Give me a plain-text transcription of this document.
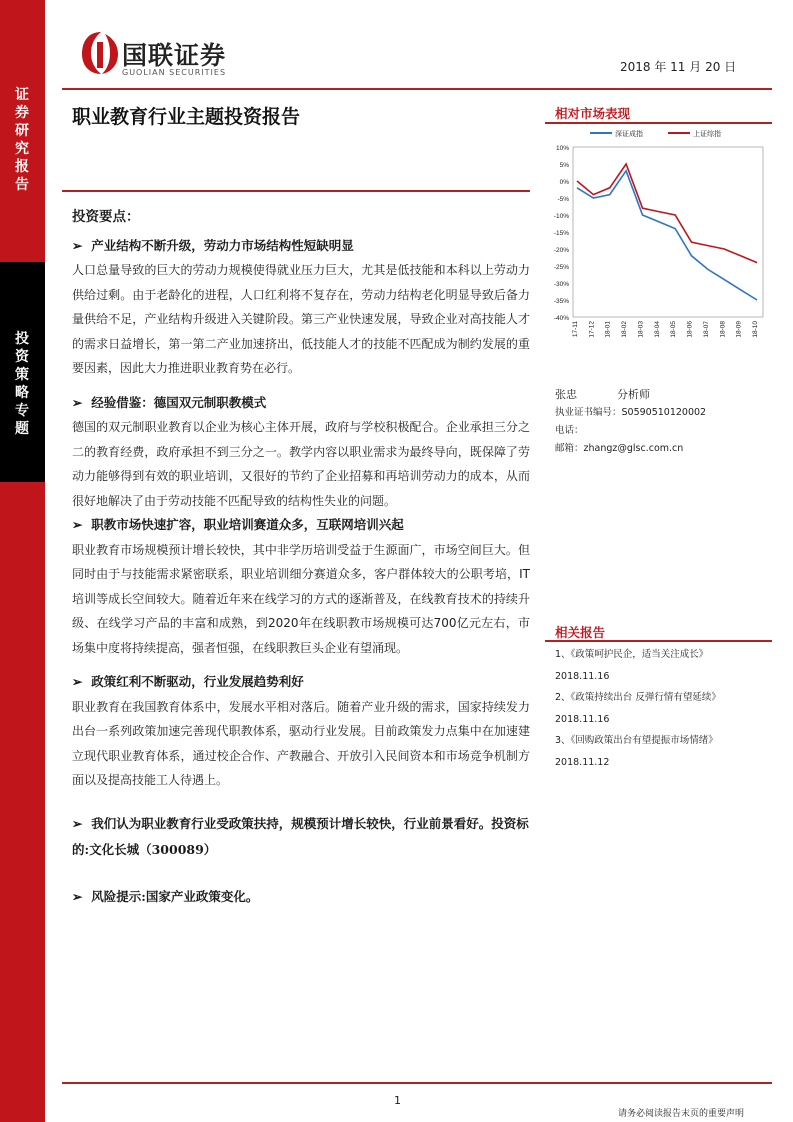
证券研究报告
投资策略专题
国联证券
GUOLIAN SECURITIES	2018 年 11 月 20 日
职业教育行业主题投资报告
投资要点：
➢ 产业结构不断升级，劳动力市场结构性短缺明显
人口总量导致的巨大的劳动力规模使得就业压力巨大，尤其是低技能和本科以上劳动力供给过剩。由于老龄化的进程，人口红利将不复存在，劳动力结构老化明显导致后备力量供给不足，产业结构升级进入关键阶段。第三产业快速发展，导致企业对高技能人才的需求日益增长，第一第二产业加速挤出，低技能人才的技能不匹配成为制约发展的重要因素，因此大力推进职业教育势在必行。
➢ 经验借鉴：德国双元制职教模式
德国的双元制职业教育以企业为核心主体开展，政府与学校积极配合。企业承担三分之二的教育经费，政府承担不到三分之一。教学内容以职业需求为最终导向，既保障了劳动力能够得到有效的职业培训，又很好的节约了企业招募和再培训劳动力的成本，从而很好地解决了由于劳动技能不匹配导致的结构性失业的问题。
➢ 职教市场快速扩容，职业培训赛道众多，互联网培训兴起
职业教育市场规模预计增长较快，其中非学历培训受益于生源面广，市场空间巨大。但同时由于与技能需求紧密联系，职业培训细分赛道众多，客户群体较大的公职考培，IT培训等成长空间较大。随着近年来在线学习的方式的逐渐普及，在线教育技术的持续升级、在线学习产品的丰富和成熟，到2020年在线职教市场规模可达700亿元左右，市场集中度将持续提高，强者恒强，在线职教巨头企业有望涌现。
➢ 政策红利不断驱动，行业发展趋势利好
职业教育在我国教育体系中，发展水平相对落后。随着产业升级的需求，国家持续发力出台一系列政策加速完善现代职教体系，驱动行业发展。目前政策发力点集中在加速建立现代职业教育体系，通过校企合作、产教融合、开放引入民间资本和市场竞争机制方面以及提高技能工人待遇上。
➢ 我们认为职业教育行业受政策扶持，规模预计增长较快，行业前景看好。投资标的:文化长城（300089）
➢ 风险提示:国家产业政策变化。
相对市场表现
深证成指	上证综指
10%
5%
0%
-5%
-10%
-15%
-20%
-25%
-30%
-35%
-40%
17-11 17-12 18-01 18-02 18-03 18-04 18-05 18-06 18-07 18-08 18-09 18-10
张忠	分析师
执业证书编号：S0590510120002
电话：
邮箱：zhangz@glsc.com.cn
相关报告
1、《政策呵护民企，适当关注成长》
2018.11.16
2、《政策持续出台 反弹行情有望延续》
2018.11.16
3、《回购政策出台有望提振市场情绪》
2018.11.12
1
请务必阅读报告末页的重要声明
